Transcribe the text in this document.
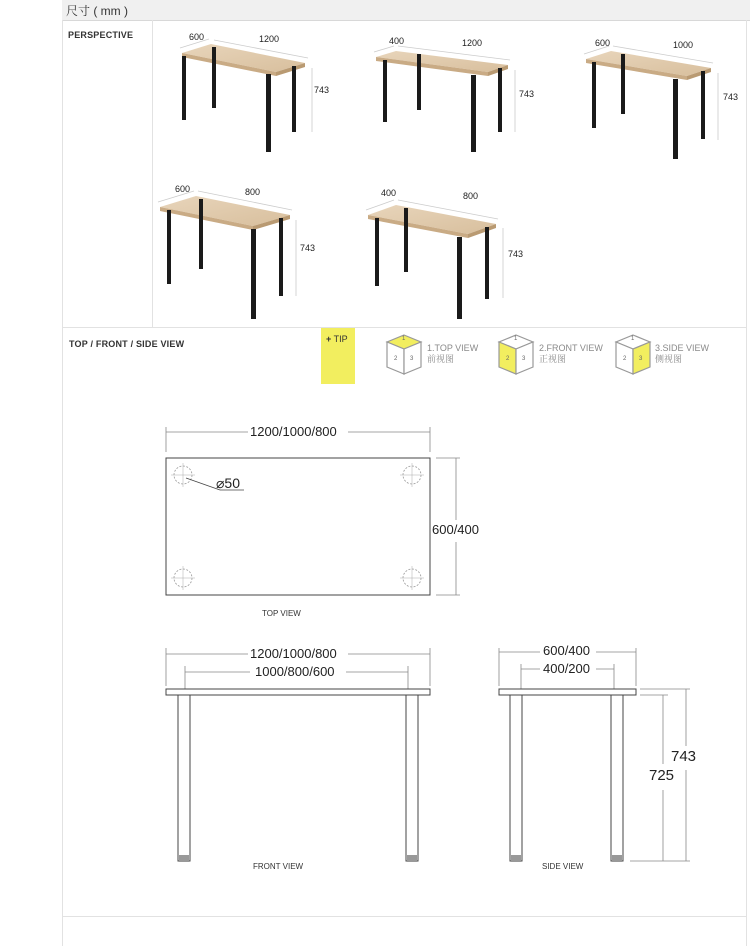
尺寸 ( mm )
PERSPECTIVE	600	1200
743
400	1200
743
600	1000
743
600	800
743
400	800
743
TOP / FRONT / SIDE VIEW	+ TIP	1
2 3
1
2 3
1
2 3
1.TOP VIEW
前视图
2.FRONT VIEW
正视图
3.SIDE VIEW
侧视图
1200/1000/800
600/400
⌀50
TOP VIEW
1200/1000/800
1000/800/600
FRONT VIEW
600/400
400/200
743
725
SIDE VIEW
